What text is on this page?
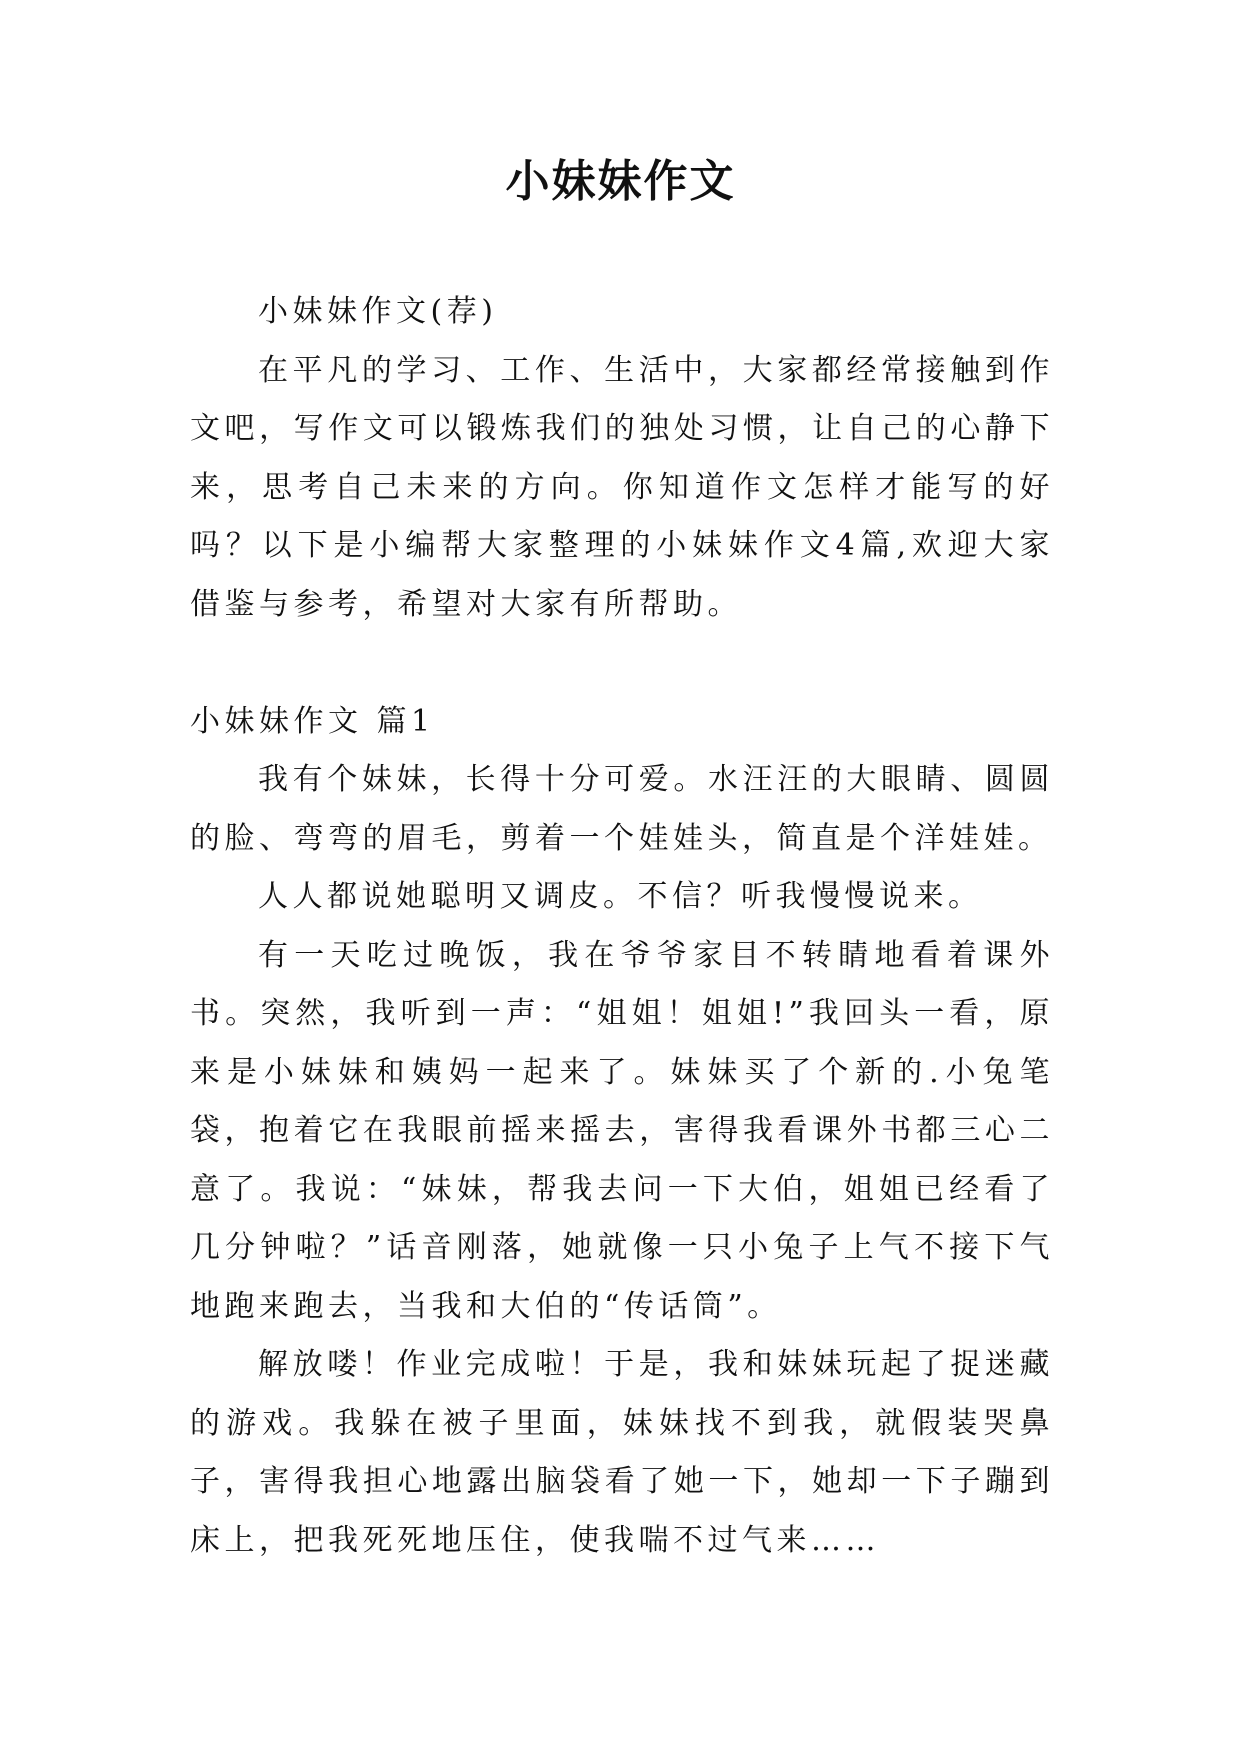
小妹妹作文

小妹妹作文(荐)

在平凡的学习、工作、生活中，大家都经常接触到作文吧，写作文可以锻炼我们的独处习惯，让自己的心静下来，思考自己未来的方向。你知道作文怎样才能写的好吗？以下是小编帮大家整理的小妹妹作文4篇,欢迎大家借鉴与参考，希望对大家有所帮助。

小妹妹作文 篇1

我有个妹妹，长得十分可爱。水汪汪的大眼睛、圆圆的脸、弯弯的眉毛，剪着一个娃娃头，简直是个洋娃娃。

人人都说她聪明又调皮。不信？听我慢慢说来。

有一天吃过晚饭，我在爷爷家目不转睛地看着课外书。突然，我听到一声：“姐姐！姐姐!”我回头一看，原来是小妹妹和姨妈一起来了。妹妹买了个新的.小兔笔袋，抱着它在我眼前摇来摇去，害得我看课外书都三心二意了。我说：“妹妹，帮我去问一下大伯，姐姐已经看了几分钟啦？”话音刚落，她就像一只小兔子上气不接下气地跑来跑去，当我和大伯的“传话筒”。

解放喽！作业完成啦！于是，我和妹妹玩起了捉迷藏的游戏。我躲在被子里面，妹妹找不到我，就假装哭鼻子，害得我担心地露出脑袋看了她一下，她却一下子蹦到床上，把我死死地压住，使我喘不过气来……
